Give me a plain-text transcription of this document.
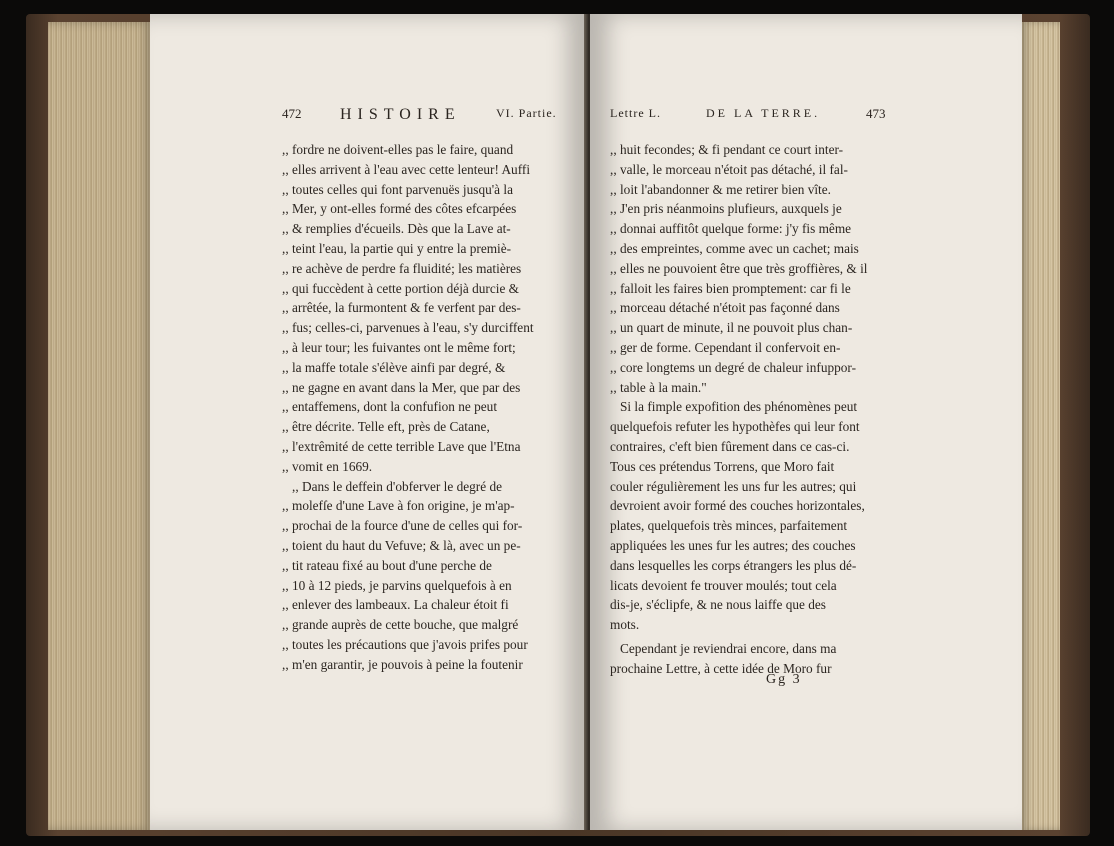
472 HISTOIRE	VI. Partie.
,, fordre ne doivent-elles pas le faire, quand
,, elles arrivent à l'eau avec cette lenteur! Auffi
,, toutes celles qui font parvenuës jusqu'à la
,, Mer, y ont-elles formé des côtes efcarpées
,, & remplies d'écueils. Dès que la Lave at-
,, teint l'eau, la partie qui y entre la premiè-
,, re achève de perdre fa fluidité; les matières
,, qui fuccèdent à cette portion déjà durcie &
,, arrêtée, la furmontent & fe verfent par des-
,, fus; celles-ci, parvenues à l'eau, s'y durciffent
,, à leur tour; les fuivantes ont le même fort;
,, la maffe totale s'élève ainfi par degré, &
,, ne gagne en avant dans la Mer, que par des
,, entaffemens, dont la confufion ne peut
,, être décrite. Telle eft, près de Catane,
,, l'extrêmité de cette terrible Lave que l'Etna
,, vomit en 1669.
,, Dans le deffein d'obferver le degré de
,, molefſe d'une Lave à fon origine, je m'ap-
,, prochai de la fource d'une de celles qui for-
,, toient du haut du Vefuve; & là, avec un pe-
,, tit rateau fixé au bout d'une perche de
,, 10 à 12 pieds, je parvins quelquefois à en
,, enlever des lambeaux. La chaleur étoit fi
,, grande auprès de cette bouche, que malgré
,, toutes les précautions que j'avois prifes pour
,, m'en garantir, je pouvois à peine la foutenir
Lettre L.	DE LA TERRE.	473
,, huit fecondes; & fi pendant ce court inter-
,, valle, le morceau n'étoit pas détaché, il fal-
,, loit l'abandonner & me retirer bien vîte.
,, J'en pris néanmoins plufieurs, auxquels je
,, donnai auffitôt quelque forme: j'y fis même
,, des empreintes, comme avec un cachet; mais
,, elles ne pouvoient être que très groffières, & il
,, falloit les faires bien promptement: car fi le
,, morceau détaché n'étoit pas façonné dans
,, un quart de minute, il ne pouvoit plus chan-
,, ger de forme. Cependant il confervoit en-
,, core longtems un degré de chaleur infuppor-
,, table à la main."
Si la fimple expofition des phénomènes peut
quelquefois refuter les hypothèfes qui leur font
contraires, c'eft bien fûrement dans ce cas-ci.
Tous ces prétendus Torrens, que Moro fait
couler régulièrement les uns fur les autres; qui
devroient avoir formé des couches horizontales,
plates, quelquefois très minces, parfaitement
appliquées les unes fur les autres; des couches
dans lesquelles les corps étrangers les plus dé-
licats devoient fe trouver moulés; tout cela
dis-je, s'éclipfe, & ne nous laiffe que des
mots.
Cependant je reviendrai encore, dans ma
prochaine Lettre, à cette idée de Moro fur
Gg 3
